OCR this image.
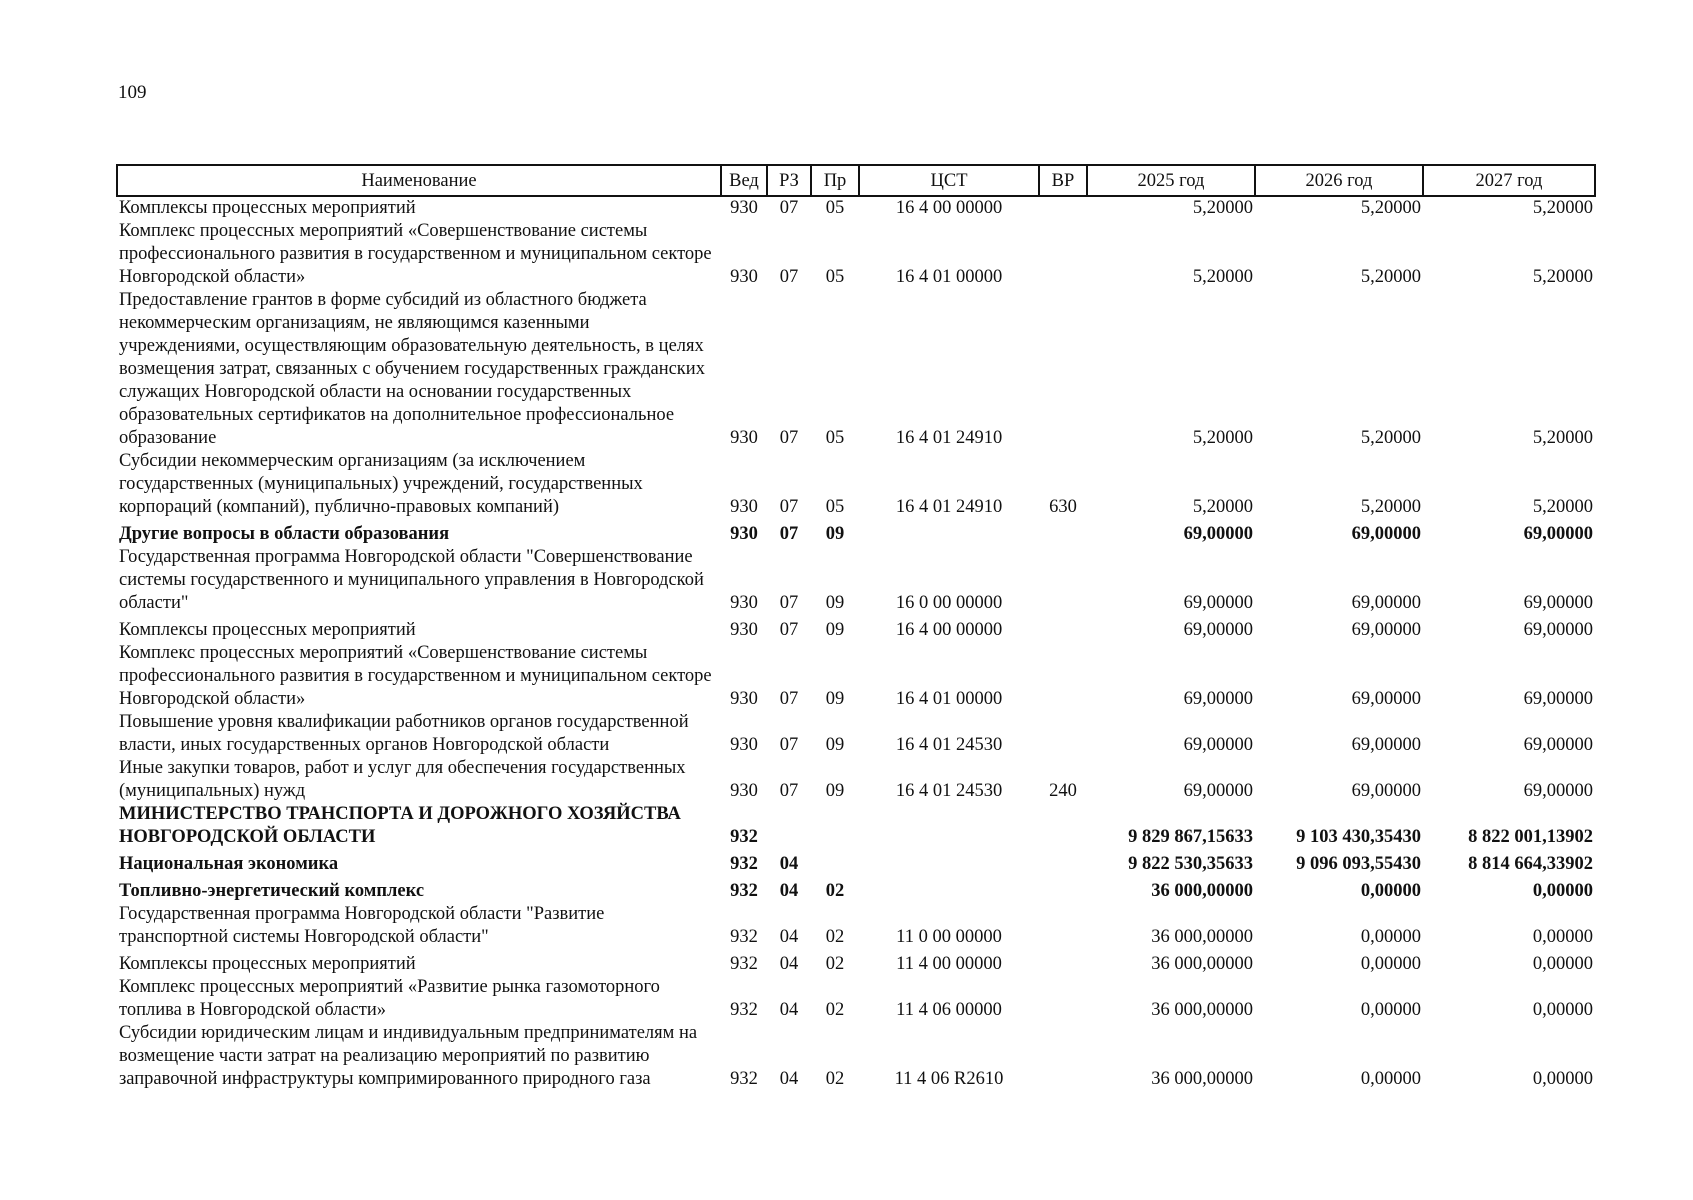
109
Наименование	Вед	РЗ	Пр	ЦСТ	ВР	2025 год	2026 год	2027 год
Комплексы процессных мероприятий	930	07	05	16 4 00 00000		5,20000	5,20000	5,20000
Комплекс процессных мероприятий «Совершенствование системы профессионального развития в государственном и муниципальном секторе Новгородской области»	930	07	05	16 4 01 00000		5,20000	5,20000	5,20000
Предоставление грантов в форме субсидий из областного бюджета некоммерческим организациям, не являющимся казенными учреждениями, осуществляющим образовательную деятельность, в целях возмещения затрат, связанных с обучением государственных гражданских служащих Новгородской области на основании государственных образовательных сертификатов на дополнительное профессиональное образование	930	07	05	16 4 01 24910		5,20000	5,20000	5,20000
Субсидии некоммерческим организациям (за исключением государственных (муниципальных) учреждений, государственных корпораций (компаний), публично-правовых компаний)	930	07	05	16 4 01 24910	630	5,20000	5,20000	5,20000
Другие вопросы в области образования	930	07	09			69,00000	69,00000	69,00000
Государственная программа Новгородской области "Совершенствование системы государственного и муниципального управления в Новгородской области"	930	07	09	16 0 00 00000		69,00000	69,00000	69,00000
Комплексы процессных мероприятий	930	07	09	16 4 00 00000		69,00000	69,00000	69,00000
Комплекс процессных мероприятий «Совершенствование системы профессионального развития в государственном и муниципальном секторе Новгородской области»	930	07	09	16 4 01 00000		69,00000	69,00000	69,00000
Повышение уровня квалификации работников органов государственной власти, иных государственных органов Новгородской области	930	07	09	16 4 01 24530		69,00000	69,00000	69,00000
Иные закупки товаров, работ и услуг для обеспечения государственных (муниципальных) нужд	930	07	09	16 4 01 24530	240	69,00000	69,00000	69,00000
МИНИСТЕРСТВО ТРАНСПОРТА И ДОРОЖНОГО ХОЗЯЙСТВА НОВГОРОДСКОЙ ОБЛАСТИ	932					9 829 867,15633	9 103 430,35430	8 822 001,13902
Национальная экономика	932	04				9 822 530,35633	9 096 093,55430	8 814 664,33902
Топливно-энергетический комплекс	932	04	02			36 000,00000	0,00000	0,00000
Государственная программа Новгородской области "Развитие транспортной системы Новгородской области"	932	04	02	11 0 00 00000		36 000,00000	0,00000	0,00000
Комплексы процессных мероприятий	932	04	02	11 4 00 00000		36 000,00000	0,00000	0,00000
Комплекс процессных мероприятий «Развитие рынка газомоторного топлива в Новгородской области»	932	04	02	11 4 06 00000		36 000,00000	0,00000	0,00000
Субсидии юридическим лицам и индивидуальным предпринимателям на возмещение части затрат на реализацию мероприятий по развитию заправочной инфраструктуры компримированного природного газа	932	04	02	11 4 06 R2610		36 000,00000	0,00000	0,00000
